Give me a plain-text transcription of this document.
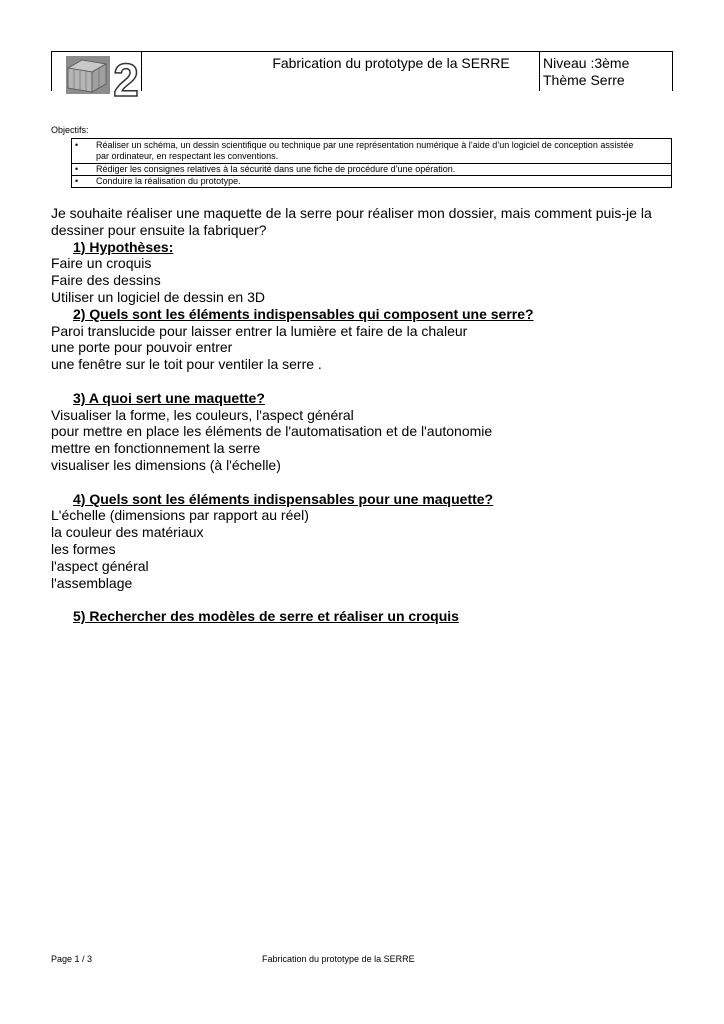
2	Fabrication du prototype de la SERRE	Niveau :3ème
Thème Serre
Objectifs:
• Réaliser un schéma, un dessin scientifique ou technique par une représentation numérique à l’aide d’un logiciel de conception assistée par ordinateur, en respectant les conventions.
• Rédiger les consignes relatives à la sécurité dans une fiche de procédure d’une opération.
• Conduire la réalisation du prototype.

Je souhaite réaliser une maquette de la serre pour réaliser mon dossier, mais comment puis-je la dessiner pour ensuite la fabriquer?

1) Hypothèses:

Faire un croquis

Faire des dessins

Utiliser un logiciel de dessin en 3D

2) Quels sont les éléments indispensables qui composent une serre?

Paroi translucide pour laisser entrer la lumière et faire de la chaleur

une porte pour pouvoir entrer

une fenêtre sur le toit pour ventiler la serre .

3) A quoi sert une maquette?

Visualiser la forme, les couleurs, l'aspect général

pour mettre en place les éléments de l'automatisation et de l'autonomie

mettre en fonctionnement la serre

visualiser les dimensions (à l'échelle)

4) Quels sont les éléments indispensables pour une maquette?

L'échelle (dimensions par rapport au réel)

la couleur des matériaux

les formes

l'aspect général

l'assemblage

5) Rechercher des modèles de serre et réaliser un croquis

Page 1 / 3	Fabrication du prototype de la SERRE
